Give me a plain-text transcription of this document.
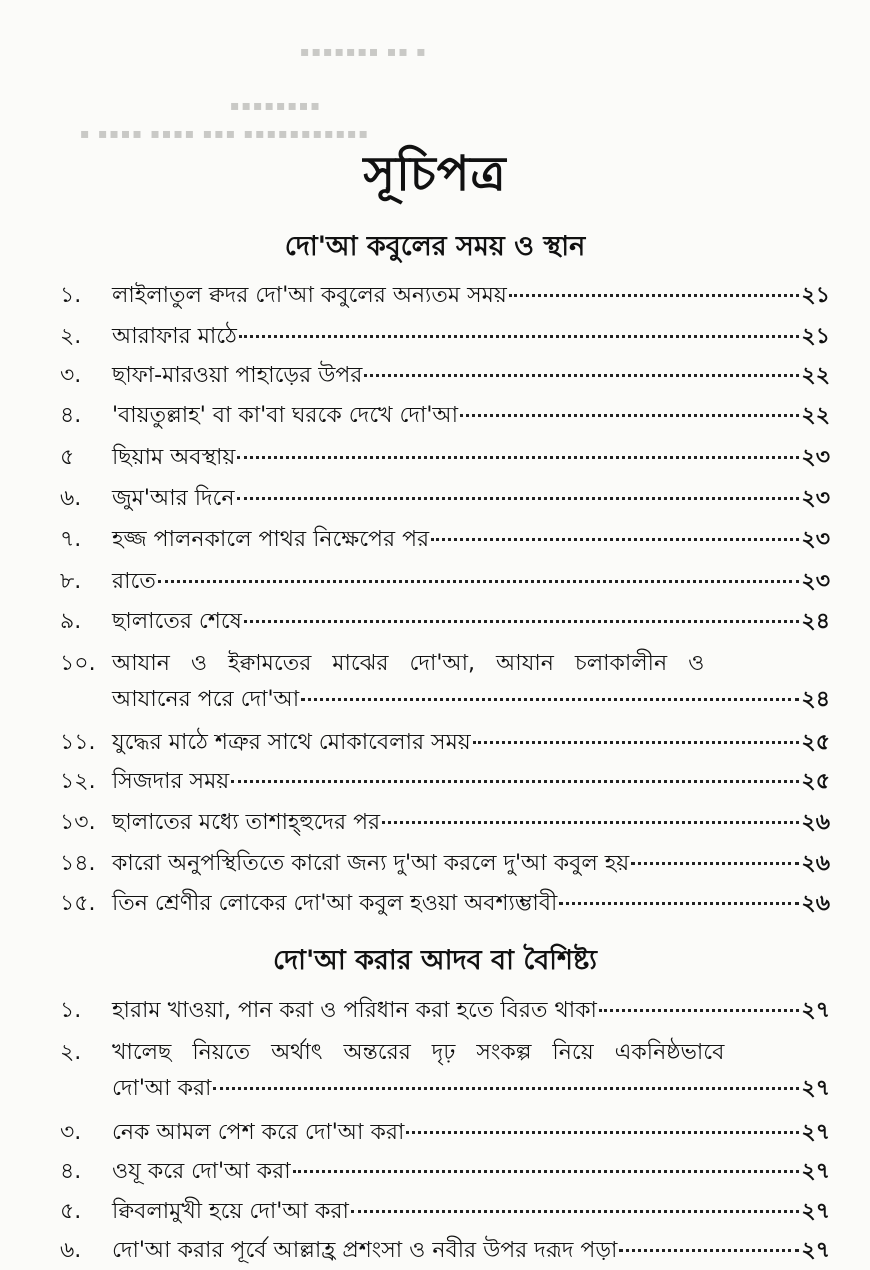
▪▪▪▪▪▪▪ ▪▪ ▪
▪▪▪▪▪▪▪▪
▪ ▪▪▪▪ ▪▪▪▪ ▪▪▪ ▪▪▪▪▪▪▪▪▪▪▪
সূচিপত্র
দো'আ কবুলের সময় ও স্থান
১. লাইলাতুল ক্বদর দো'আ কবুলের অন্যতম সময়	২১
২. আরাফার মাঠে	২১
৩. ছাফা-মারওয়া পাহাড়ের উপর	২২
৪. 'বায়তুল্লাহ' বা কা'বা ঘরকে দেখে দো'আ	২২
৫ ছিয়াম অবস্থায়	২৩
৬. জুম'আর দিনে	২৩
৭. হজ্জ পালনকালে পাথর নিক্ষেপের পর	২৩
৮. রাতে	২৩
৯. ছালাতের শেষে	২৪
১০. আযান ও ইক্বামতের মাঝের দো'আ, আযান চলাকালীন ও
আযানের পরে দো'আ	২৪
১১. যুদ্ধের মাঠে শত্রুর সাথে মোকাবেলার সময়	২৫
১২. সিজদার সময়	২৫
১৩. ছালাতের মধ্যে তাশাহ্হুদের পর	২৬
১৪. কারো অনুপস্থিতিতে কারো জন্য দু'আ করলে দু'আ কবুল হয়	২৬
১৫. তিন শ্রেণীর লোকের দো'আ কবুল হওয়া অবশ্যম্ভাবী	২৬
দো'আ করার আদব বা বৈশিষ্ট্য
১. হারাম খাওয়া, পান করা ও পরিধান করা হতে বিরত থাকা	২৭
২. খালেছ নিয়তে অর্থাৎ অন্তরের দৃঢ় সংকল্প নিয়ে একনিষ্ঠভাবে
দো'আ করা	২৭
৩. নেক আমল পেশ করে দো'আ করা	২৭
৪. ওযূ করে দো'আ করা	২৭
৫. ক্বিবলামুখী হয়ে দো'আ করা	২৭
৬. দো'আ করার পূর্বে আল্লাহ্র প্রশংসা ও নবীর উপর দরূদ পড়া	২৭
